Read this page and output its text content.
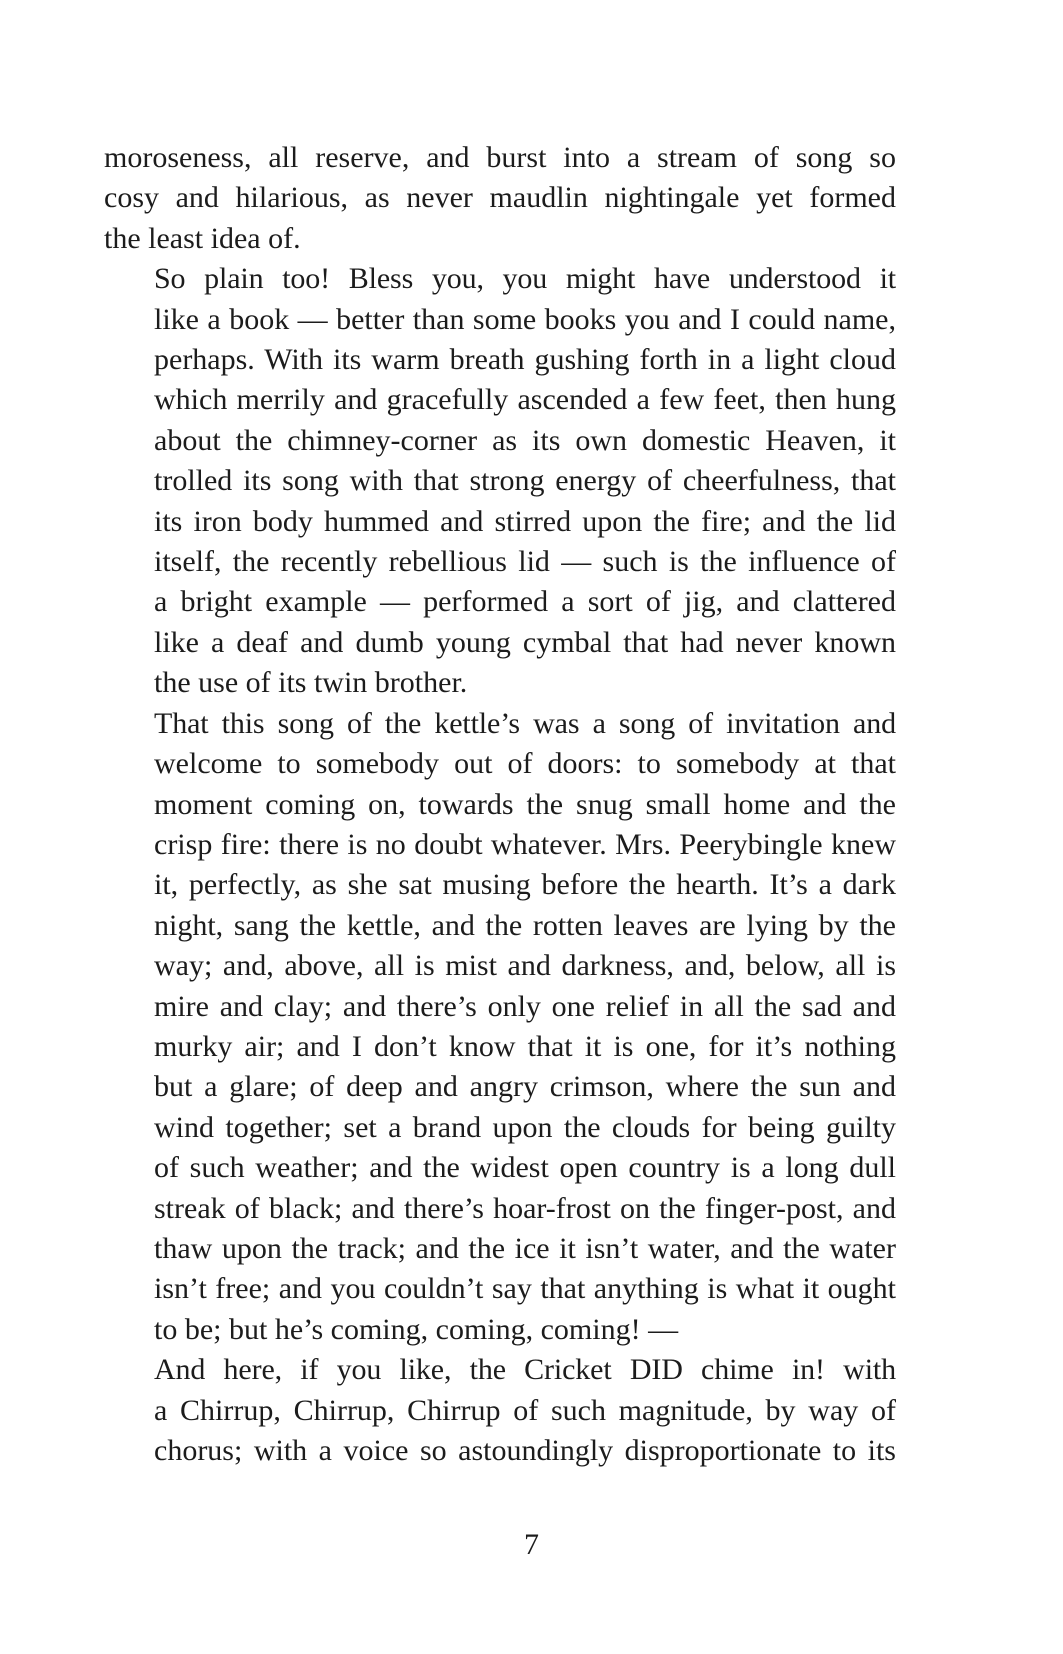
moroseness, all reserve, and burst into a stream of song so
cosy and hilarious, as never maudlin nightingale yet formed
the least idea of.

So plain too! Bless you, you might have understood it
like a book — better than some books you and I could name,
perhaps. With its warm breath gushing forth in a light cloud
which merrily and gracefully ascended a few feet, then hung
about the chimney-corner as its own domestic Heaven, it
trolled its song with that strong energy of cheerfulness, that
its iron body hummed and stirred upon the fire; and the lid
itself, the recently rebellious lid — such is the influence of
a bright example — performed a sort of jig, and clattered
like a deaf and dumb young cymbal that had never known
the use of its twin brother.

That this song of the kettle’s was a song of invitation and
welcome to somebody out of doors: to somebody at that
moment coming on, towards the snug small home and the
crisp fire: there is no doubt whatever. Mrs. Peerybingle knew
it, perfectly, as she sat musing before the hearth. It’s a dark
night, sang the kettle, and the rotten leaves are lying by the
way; and, above, all is mist and darkness, and, below, all is
mire and clay; and there’s only one relief in all the sad and
murky air; and I don’t know that it is one, for it’s nothing
but a glare; of deep and angry crimson, where the sun and
wind together; set a brand upon the clouds for being guilty
of such weather; and the widest open country is a long dull
streak of black; and there’s hoar-frost on the finger-post, and
thaw upon the track; and the ice it isn’t water, and the water
isn’t free; and you couldn’t say that anything is what it ought
to be; but he’s coming, coming, coming! —

And here, if you like, the Cricket DID chime in! with
a Chirrup, Chirrup, Chirrup of such magnitude, by way of
chorus; with a voice so astoundingly disproportionate to its

7
